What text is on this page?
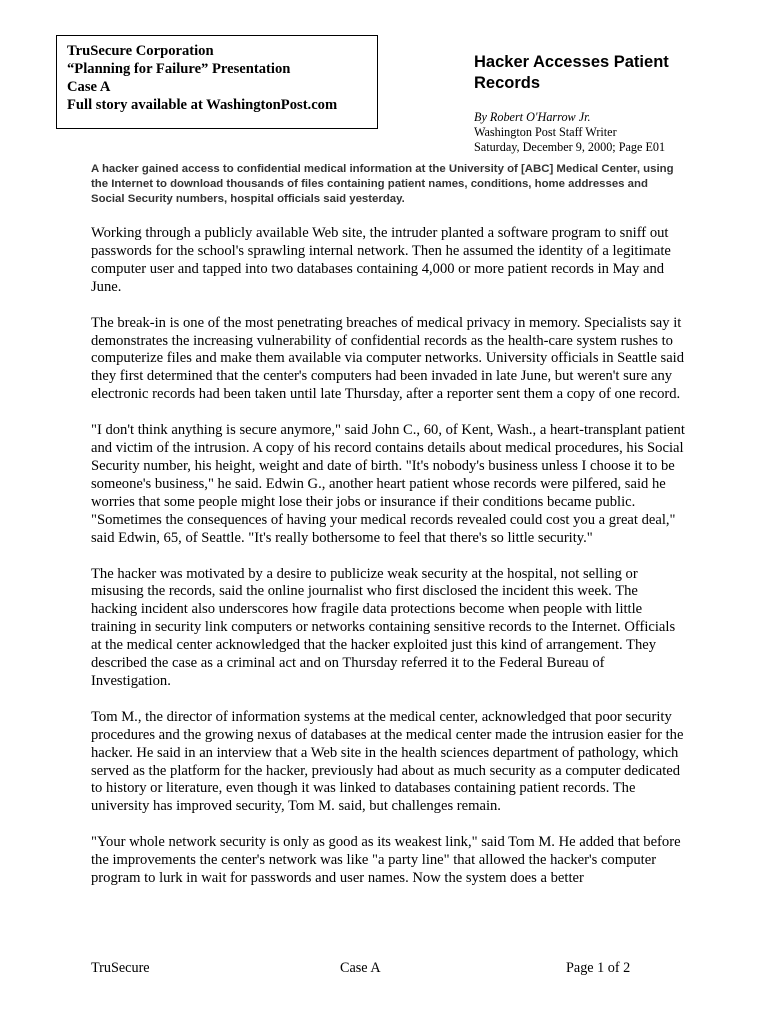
TruSecure Corporation
“Planning for Failure” Presentation
Case A
Full story available at WashingtonPost.com
Hacker Accesses Patient Records
By Robert O'Harrow Jr.
Washington Post Staff Writer
Saturday, December 9, 2000; Page E01
A hacker gained access to confidential medical information at the University of [ABC] Medical Center, using the Internet to download thousands of files containing patient names, conditions, home addresses and Social Security numbers, hospital officials said yesterday.

Working through a publicly available Web site, the intruder planted a software program to sniff out passwords for the school's sprawling internal network. Then he assumed the identity of a legitimate computer user and tapped into two databases containing 4,000 or more patient records in May and June.

The break-in is one of the most penetrating breaches of medical privacy in memory. Specialists say it demonstrates the increasing vulnerability of confidential records as the health-care system rushes to computerize files and make them available via computer networks. University officials in Seattle said they first determined that the center's computers had been invaded in late June, but weren't sure any electronic records had been taken until late Thursday, after a reporter sent them a copy of one record.

"I don't think anything is secure anymore," said John C., 60, of Kent, Wash., a heart-transplant patient and victim of the intrusion. A copy of his record contains details about medical procedures, his Social Security number, his height, weight and date of birth. "It's nobody's business unless I choose it to be someone's business," he said. Edwin G., another heart patient whose records were pilfered, said he worries that some people might lose their jobs or insurance if their conditions became public. "Sometimes the consequences of having your medical records revealed could cost you a great deal," said Edwin, 65, of Seattle. "It's really bothersome to feel that there's so little security."

The hacker was motivated by a desire to publicize weak security at the hospital, not selling or misusing the records, said the online journalist who first disclosed the incident this week. The hacking incident also underscores how fragile data protections become when people with little training in security link computers or networks containing sensitive records to the Internet. Officials at the medical center acknowledged that the hacker exploited just this kind of arrangement. They described the case as a criminal act and on Thursday referred it to the Federal Bureau of Investigation.

Tom M., the director of information systems at the medical center, acknowledged that poor security procedures and the growing nexus of databases at the medical center made the intrusion easier for the hacker. He said in an interview that a Web site in the health sciences department of pathology, which served as the platform for the hacker, previously had about as much security as a computer dedicated to history or literature, even though it was linked to databases containing patient records. The university has improved security, Tom M. said, but challenges remain.

"Your whole network security is only as good as its weakest link," said Tom M. He added that before the improvements the center's network was like "a party line" that allowed the hacker's computer program to lurk in wait for passwords and user names. Now the system does a better

TruSecure	Case A	Page 1 of 2
